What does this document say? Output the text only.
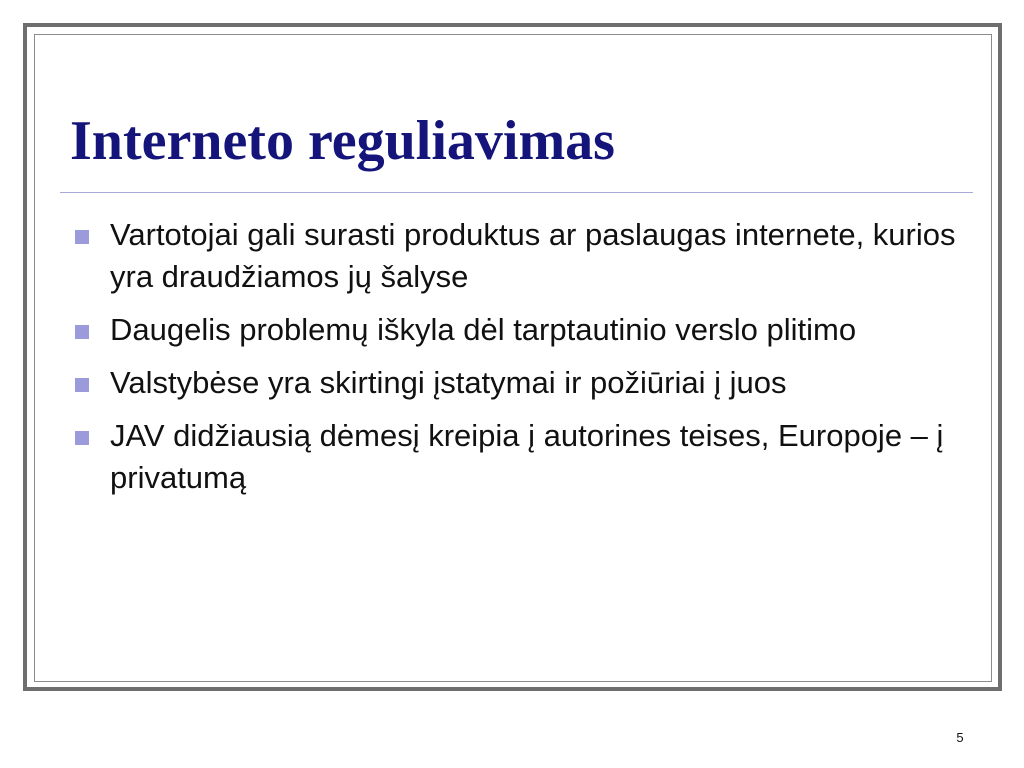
Interneto reguliavimas
Vartotojai gali surasti produktus ar paslaugas internete, kurios yra draudžiamos jų šalyse
Daugelis problemų iškyla dėl tarptautinio verslo plitimo
Valstybėse yra skirtingi įstatymai ir požiūriai į juos
JAV didžiausią dėmesį kreipia į autorines teises, Europoje – į privatumą
5
